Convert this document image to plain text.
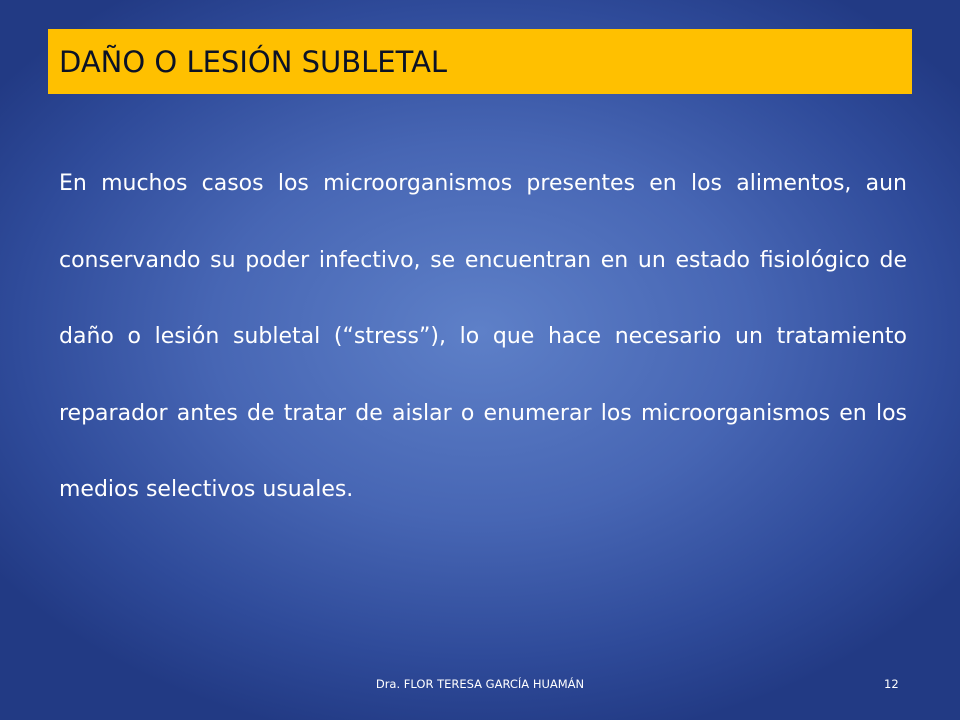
DAÑO O LESIÓN SUBLETAL

En muchos casos los microorganismos presentes en los alimentos, aun conservando su poder infectivo, se encuentran en un estado fisiológico de daño o lesión subletal (“stress”), lo que hace necesario un tratamiento reparador antes de tratar de aislar o enumerar los microorganismos en los medios selectivos usuales.

Dra. FLOR TERESA GARCÍA HUAMÁN	12
